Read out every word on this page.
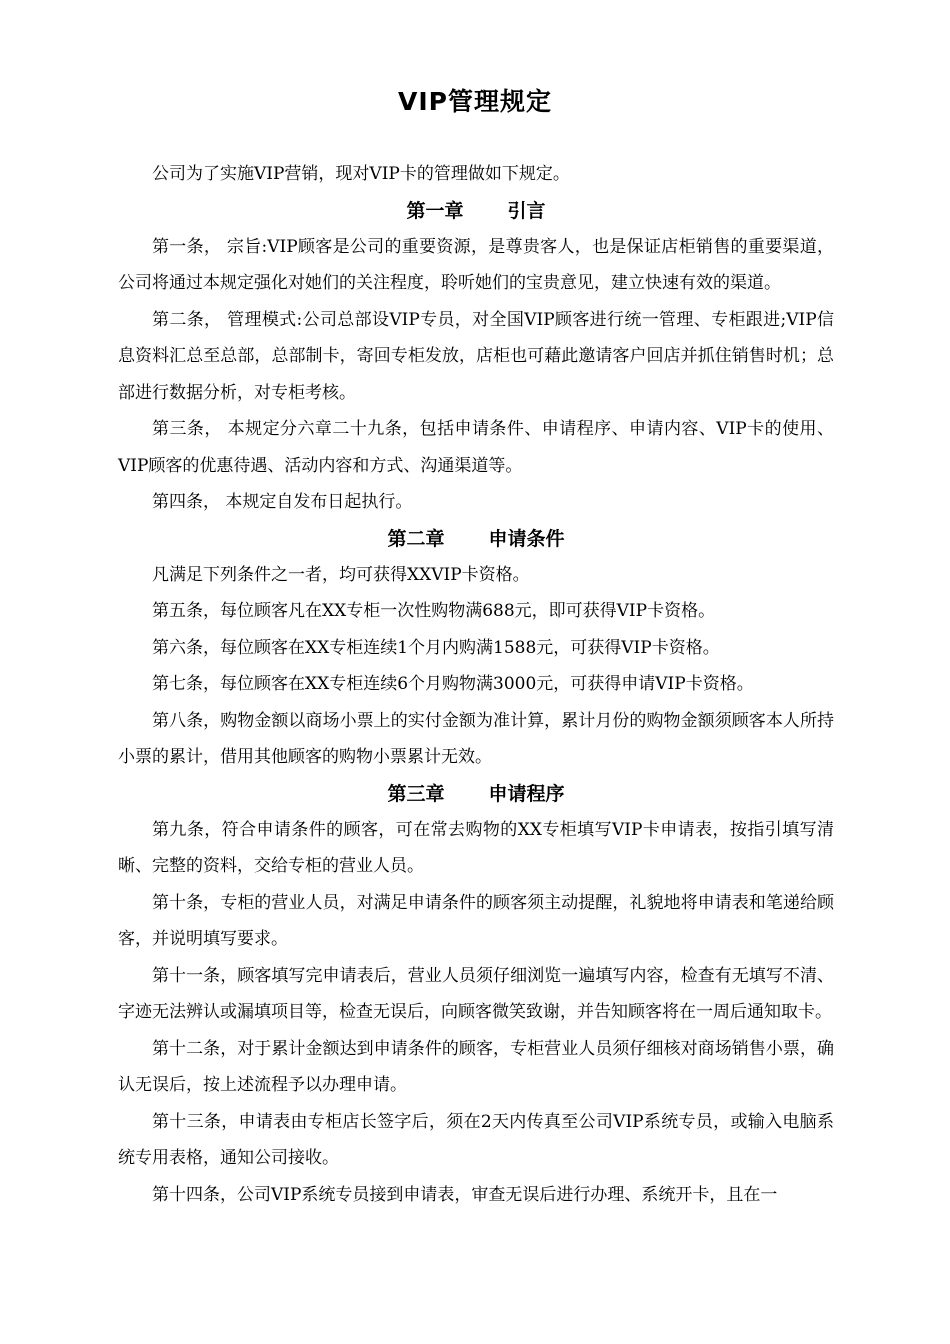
VIP管理规定

公司为了实施VIP营销，现对VIP卡的管理做如下规定。

第一章 引言

第一条， 宗旨:VIP顾客是公司的重要资源，是尊贵客人，也是保证店柜销售的重要渠道，公司将通过本规定强化对她们的关注程度，聆听她们的宝贵意见，建立快速有效的渠道。

第二条， 管理模式:公司总部设VIP专员，对全国VIP顾客进行统一管理、专柜跟进;VIP信息资料汇总至总部，总部制卡，寄回专柜发放，店柜也可藉此邀请客户回店并抓住销售时机；总部进行数据分析，对专柜考核。

第三条， 本规定分六章二十九条，包括申请条件、申请程序、申请内容、VIP卡的使用、VIP顾客的优惠待遇、活动内容和方式、沟通渠道等。

第四条， 本规定自发布日起执行。

第二章 申请条件

凡满足下列条件之一者，均可获得XXVIP卡资格。

第五条，每位顾客凡在XX专柜一次性购物满688元，即可获得VIP卡资格。

第六条，每位顾客在XX专柜连续1个月内购满1588元，可获得VIP卡资格。

第七条，每位顾客在XX专柜连续6个月购物满3000元，可获得申请VIP卡资格。

第八条，购物金额以商场小票上的实付金额为准计算，累计月份的购物金额须顾客本人所持小票的累计，借用其他顾客的购物小票累计无效。

第三章 申请程序

第九条，符合申请条件的顾客，可在常去购物的XX专柜填写VIP卡申请表，按指引填写清晰、完整的资料，交给专柜的营业人员。

第十条，专柜的营业人员，对满足申请条件的顾客须主动提醒，礼貌地将申请表和笔递给顾客，并说明填写要求。

第十一条，顾客填写完申请表后，营业人员须仔细浏览一遍填写内容，检查有无填写不清、字迹无法辨认或漏填项目等，检查无误后，向顾客微笑致谢，并告知顾客将在一周后通知取卡。

第十二条，对于累计金额达到申请条件的顾客，专柜营业人员须仔细核对商场销售小票，确认无误后，按上述流程予以办理申请。

第十三条，申请表由专柜店长签字后，须在2天内传真至公司VIP系统专员，或输入电脑系统专用表格，通知公司接收。

第十四条，公司VIP系统专员接到申请表，审查无误后进行办理、系统开卡，且在一
